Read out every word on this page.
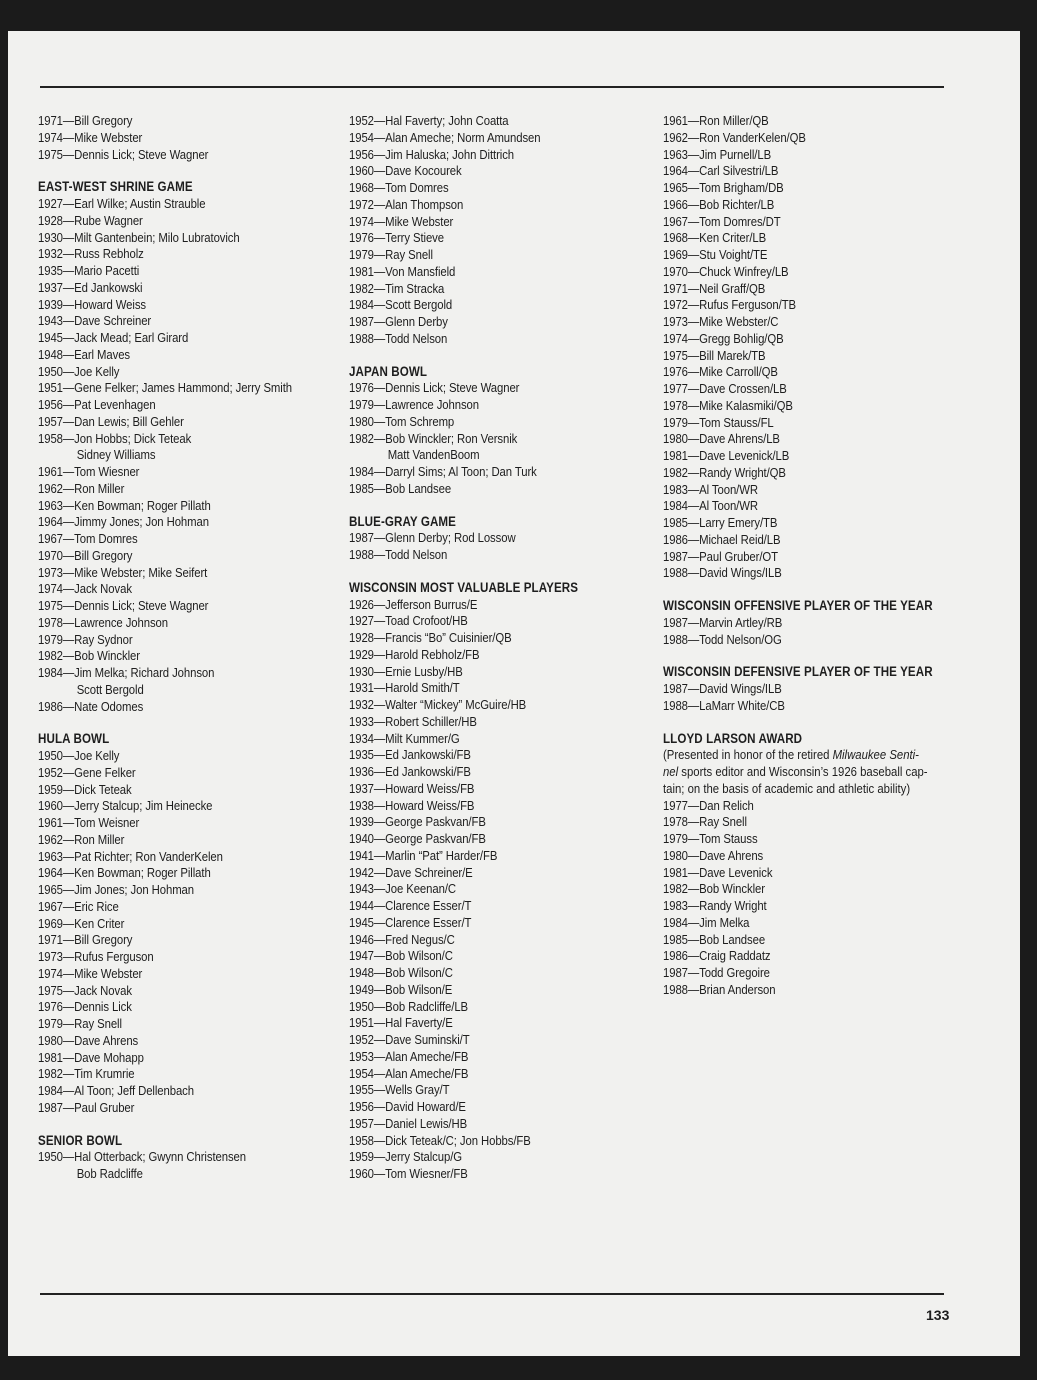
1971—Bill Gregory
1974—Mike Webster
1975—Dennis Lick; Steve Wagner
EAST-WEST SHRINE GAME
1927—Earl Wilke; Austin Strauble
1928—Rube Wagner
1930—Milt Gantenbein; Milo Lubratovich
1932—Russ Rebholz
1935—Mario Pacetti
1937—Ed Jankowski
1939—Howard Weiss
1943—Dave Schreiner
1945—Jack Mead; Earl Girard
1948—Earl Maves
1950—Joe Kelly
1951—Gene Felker; James Hammond; Jerry Smith
1956—Pat Levenhagen
1957—Dan Lewis; Bill Gehler
1958—Jon Hobbs; Dick Teteak
Sidney Williams
1961—Tom Wiesner
1962—Ron Miller
1963—Ken Bowman; Roger Pillath
1964—Jimmy Jones; Jon Hohman
1967—Tom Domres
1970—Bill Gregory
1973—Mike Webster; Mike Seifert
1974—Jack Novak
1975—Dennis Lick; Steve Wagner
1978—Lawrence Johnson
1979—Ray Sydnor
1982—Bob Winckler
1984—Jim Melka; Richard Johnson
Scott Bergold
1986—Nate Odomes
HULA BOWL
1950—Joe Kelly
1952—Gene Felker
1959—Dick Teteak
1960—Jerry Stalcup; Jim Heinecke
1961—Tom Weisner
1962—Ron Miller
1963—Pat Richter; Ron VanderKelen
1964—Ken Bowman; Roger Pillath
1965—Jim Jones; Jon Hohman
1967—Eric Rice
1969—Ken Criter
1971—Bill Gregory
1973—Rufus Ferguson
1974—Mike Webster
1975—Jack Novak
1976—Dennis Lick
1979—Ray Snell
1980—Dave Ahrens
1981—Dave Mohapp
1982—Tim Krumrie
1984—Al Toon; Jeff Dellenbach
1987—Paul Gruber
SENIOR BOWL
1950—Hal Otterback; Gwynn Christensen
Bob Radcliffe
1952—Hal Faverty; John Coatta
1954—Alan Ameche; Norm Amundsen
1956—Jim Haluska; John Dittrich
1960—Dave Kocourek
1968—Tom Domres
1972—Alan Thompson
1974—Mike Webster
1976—Terry Stieve
1979—Ray Snell
1981—Von Mansfield
1982—Tim Stracka
1984—Scott Bergold
1987—Glenn Derby
1988—Todd Nelson
JAPAN BOWL
1976—Dennis Lick; Steve Wagner
1979—Lawrence Johnson
1980—Tom Schremp
1982—Bob Winckler; Ron Versnik
Matt VandenBoom
1984—Darryl Sims; Al Toon; Dan Turk
1985—Bob Landsee
BLUE-GRAY GAME
1987—Glenn Derby; Rod Lossow
1988—Todd Nelson
WISCONSIN MOST VALUABLE PLAYERS
1926—Jefferson Burrus/E
1927—Toad Crofoot/HB
1928—Francis “Bo” Cuisinier/QB
1929—Harold Rebholz/FB
1930—Ernie Lusby/HB
1931—Harold Smith/T
1932—Walter “Mickey” McGuire/HB
1933—Robert Schiller/HB
1934—Milt Kummer/G
1935—Ed Jankowski/FB
1936—Ed Jankowski/FB
1937—Howard Weiss/FB
1938—Howard Weiss/FB
1939—George Paskvan/FB
1940—George Paskvan/FB
1941—Marlin “Pat” Harder/FB
1942—Dave Schreiner/E
1943—Joe Keenan/C
1944—Clarence Esser/T
1945—Clarence Esser/T
1946—Fred Negus/C
1947—Bob Wilson/C
1948—Bob Wilson/C
1949—Bob Wilson/E
1950—Bob Radcliffe/LB
1951—Hal Faverty/E
1952—Dave Suminski/T
1953—Alan Ameche/FB
1954—Alan Ameche/FB
1955—Wells Gray/T
1956—David Howard/E
1957—Daniel Lewis/HB
1958—Dick Teteak/C; Jon Hobbs/FB
1959—Jerry Stalcup/G
1960—Tom Wiesner/FB
1961—Ron Miller/QB
1962—Ron VanderKelen/QB
1963—Jim Purnell/LB
1964—Carl Silvestri/LB
1965—Tom Brigham/DB
1966—Bob Richter/LB
1967—Tom Domres/DT
1968—Ken Criter/LB
1969—Stu Voight/TE
1970—Chuck Winfrey/LB
1971—Neil Graff/QB
1972—Rufus Ferguson/TB
1973—Mike Webster/C
1974—Gregg Bohlig/QB
1975—Bill Marek/TB
1976—Mike Carroll/QB
1977—Dave Crossen/LB
1978—Mike Kalasmiki/QB
1979—Tom Stauss/FL
1980—Dave Ahrens/LB
1981—Dave Levenick/LB
1982—Randy Wright/QB
1983—Al Toon/WR
1984—Al Toon/WR
1985—Larry Emery/TB
1986—Michael Reid/LB
1987—Paul Gruber/OT
1988—David Wings/ILB
WISCONSIN OFFENSIVE PLAYER OF THE YEAR
1987—Marvin Artley/RB
1988—Todd Nelson/OG
WISCONSIN DEFENSIVE PLAYER OF THE YEAR
1987—David Wings/ILB
1988—LaMarr White/CB
LLOYD LARSON AWARD
(Presented in honor of the retired Milwaukee Senti-
nel sports editor and Wisconsin’s 1926 baseball cap-
tain; on the basis of academic and athletic ability)
1977—Dan Relich
1978—Ray Snell
1979—Tom Stauss
1980—Dave Ahrens
1981—Dave Levenick
1982—Bob Winckler
1983—Randy Wright
1984—Jim Melka
1985—Bob Landsee
1986—Craig Raddatz
1987—Todd Gregoire
1988—Brian Anderson
133
